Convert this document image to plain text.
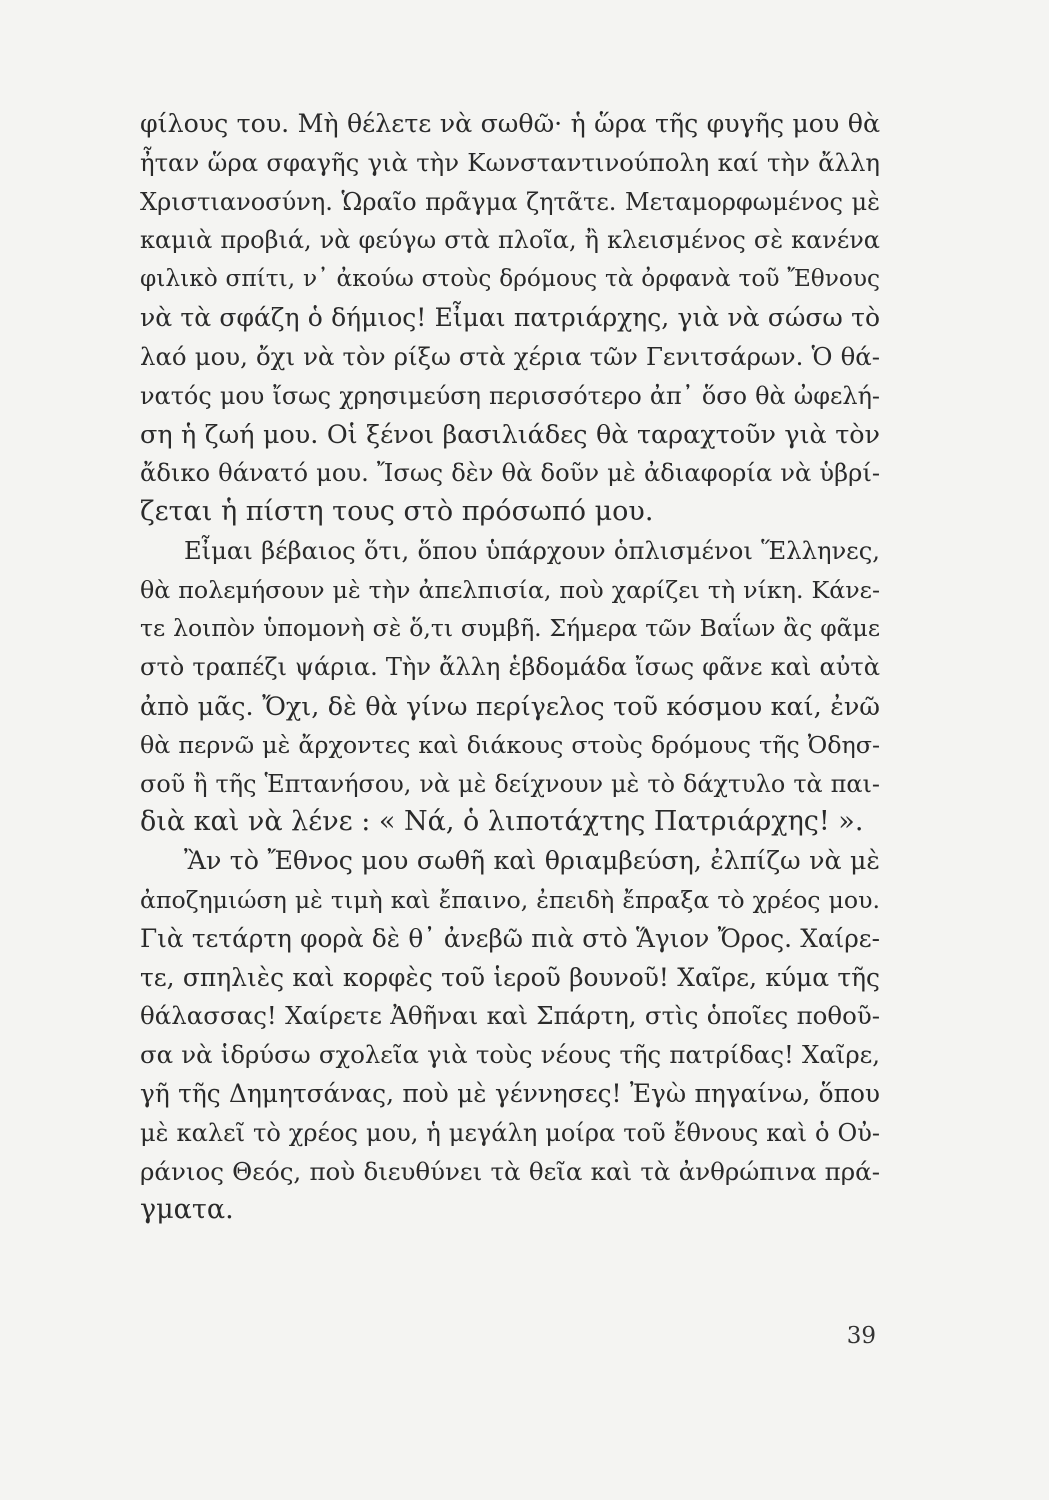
φίλους του. Μὴ θέλετε νὰ σωθῶ· ἡ ὥρα τῆς φυγῆς μου θὰ
ἦταν ὥρα σφαγῆς γιὰ τὴν Κωνσταντινούπολη καί τὴν ἄλλη
Χριστιανοσύνη. Ὡραῖο πρᾶγμα ζητᾶτε. Μεταμορφωμένος μὲ
καμιὰ προβιά, νὰ φεύγω στὰ πλοῖα, ἢ κλεισμένος σὲ κανένα
φιλικὸ σπίτι, ν᾽ ἀκούω στοὺς δρόμους τὰ ὀρφανὰ τοῦ Ἔθνους
νὰ τὰ σφάζη ὁ δήμιος! Εἶμαι πατριάρχης, γιὰ νὰ σώσω τὸ
λαό μου, ὄχι νὰ τὸν ρίξω στὰ χέρια τῶν Γενιτσάρων. Ὁ θά-
νατός μου ἴσως χρησιμεύση περισσότερο ἀπ᾽ ὅσο θὰ ὠφελή-
ση ἡ ζωή μου. Οἱ ξένοι βασιλιάδες θὰ ταραχτοῦν γιὰ τὸν
ἄδικο θάνατό μου. Ἴσως δὲν θὰ δοῦν μὲ ἀδιαφορία νὰ ὑβρί-
ζεται ἡ πίστη τους στὸ πρόσωπό μου.
Εἶμαι βέβαιος ὅτι, ὅπου ὑπάρχουν ὁπλισμένοι Ἕλληνες,
θὰ πολεμήσουν μὲ τὴν ἀπελπισία, ποὺ χαρίζει τὴ νίκη. Κάνε-
τε λοιπὸν ὑπομονὴ σὲ ὅ,τι συμβῆ. Σήμερα τῶν Βαΐων ἂς φᾶμε
στὸ τραπέζι ψάρια. Τὴν ἄλλη ἑβδομάδα ἴσως φᾶνε καὶ αὐτὰ
ἀπὸ μᾶς. Ὄχι, δὲ θὰ γίνω περίγελος τοῦ κόσμου καί, ἐνῶ
θὰ περνῶ μὲ ἄρχοντες καὶ διάκους στοὺς δρόμους τῆς Ὀδησ-
σοῦ ἢ τῆς Ἑπτανήσου, νὰ μὲ δείχνουν μὲ τὸ δάχτυλο τὰ παι-
διὰ καὶ νὰ λένε : « Νά, ὁ λιποτάχτης Πατριάρχης! ».
Ἂν τὸ Ἔθνος μου σωθῆ καὶ θριαμβεύση, ἐλπίζω νὰ μὲ
ἀποζημιώση μὲ τιμὴ καὶ ἔπαινο, ἐπειδὴ ἔπραξα τὸ χρέος μου.
Γιὰ τετάρτη φορὰ δὲ θ᾽ ἀνεβῶ πιὰ στὸ Ἅγιον Ὄρος. Χαίρε-
τε, σπηλιὲς καὶ κορφὲς τοῦ ἱεροῦ βουνοῦ! Χαῖρε, κύμα τῆς
θάλασσας! Χαίρετε Ἀθῆναι καὶ Σπάρτη, στὶς ὁποῖες ποθοῦ-
σα νὰ ἱδρύσω σχολεῖα γιὰ τοὺς νέους τῆς πατρίδας! Χαῖρε,
γῆ τῆς Δημητσάνας, ποὺ μὲ γέννησες! Ἐγὼ πηγαίνω, ὅπου
μὲ καλεῖ τὸ χρέος μου, ἡ μεγάλη μοίρα τοῦ ἔθνους καὶ ὁ Οὐ-
ράνιος Θεός, ποὺ διευθύνει τὰ θεῖα καὶ τὰ ἀνθρώπινα πρά-
γματα.
39
